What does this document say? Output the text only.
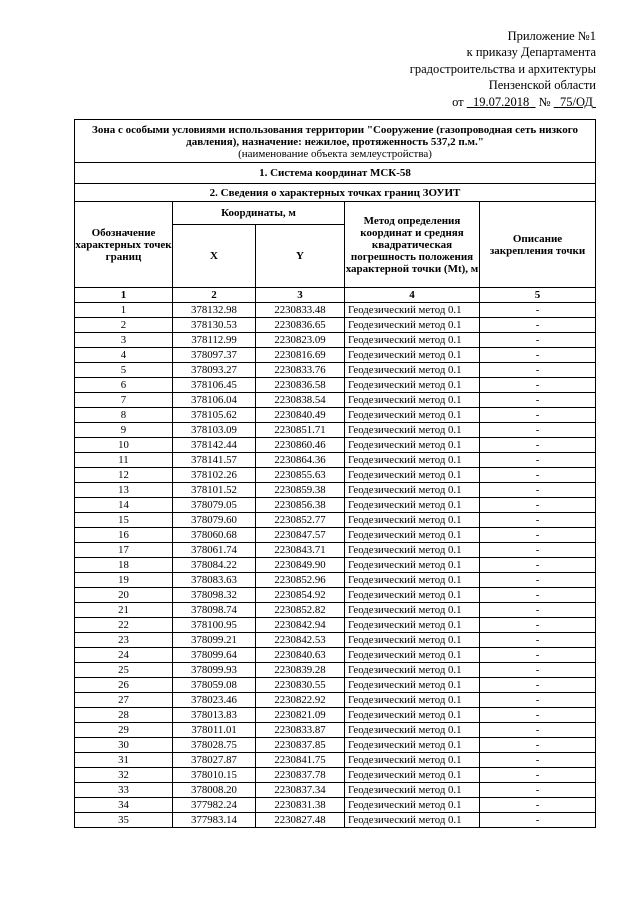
Приложение №1
к приказу Департамента
градостроительства и архитектуры
Пензенской области
от 19.07.2018 № 75/ОД
Зона с особыми условиями использования территории "Сооружение (газопроводная сеть низкого давления), назначение: нежилое, протяженность 537,2 п.м."				
(наименование объекта землеустройства)				
1. Система координат МСК-58				
2. Сведения о характерных точках границ ЗОУИТ				
Обозначение характерных точек границ	Координаты, м		Метод определения координат и средняя квадратическая погрешность положения характерной точки (Mt), м	Описание закрепления точки
	X	Y		
1	2	3	4	5
1	378132.98	2230833.48	Геодезический метод 0.1	-
2	378130.53	2230836.65	Геодезический метод 0.1	-
3	378112.99	2230823.09	Геодезический метод 0.1	-
4	378097.37	2230816.69	Геодезический метод 0.1	-
5	378093.27	2230833.76	Геодезический метод 0.1	-
6	378106.45	2230836.58	Геодезический метод 0.1	-
7	378106.04	2230838.54	Геодезический метод 0.1	-
8	378105.62	2230840.49	Геодезический метод 0.1	-
9	378103.09	2230851.71	Геодезический метод 0.1	-
10	378142.44	2230860.46	Геодезический метод 0.1	-
11	378141.57	2230864.36	Геодезический метод 0.1	-
12	378102.26	2230855.63	Геодезический метод 0.1	-
13	378101.52	2230859.38	Геодезический метод 0.1	-
14	378079.05	2230856.38	Геодезический метод 0.1	-
15	378079.60	2230852.77	Геодезический метод 0.1	-
16	378060.68	2230847.57	Геодезический метод 0.1	-
17	378061.74	2230843.71	Геодезический метод 0.1	-
18	378084.22	2230849.90	Геодезический метод 0.1	-
19	378083.63	2230852.96	Геодезический метод 0.1	-
20	378098.32	2230854.92	Геодезический метод 0.1	-
21	378098.74	2230852.82	Геодезический метод 0.1	-
22	378100.95	2230842.94	Геодезический метод 0.1	-
23	378099.21	2230842.53	Геодезический метод 0.1	-
24	378099.64	2230840.63	Геодезический метод 0.1	-
25	378099.93	2230839.28	Геодезический метод 0.1	-
26	378059.08	2230830.55	Геодезический метод 0.1	-
27	378023.46	2230822.92	Геодезический метод 0.1	-
28	378013.83	2230821.09	Геодезический метод 0.1	-
29	378011.01	2230833.87	Геодезический метод 0.1	-
30	378028.75	2230837.85	Геодезический метод 0.1	-
31	378027.87	2230841.75	Геодезический метод 0.1	-
32	378010.15	2230837.78	Геодезический метод 0.1	-
33	378008.20	2230837.34	Геодезический метод 0.1	-
34	377982.24	2230831.38	Геодезический метод 0.1	-
35	377983.14	2230827.48	Геодезический метод 0.1	-
